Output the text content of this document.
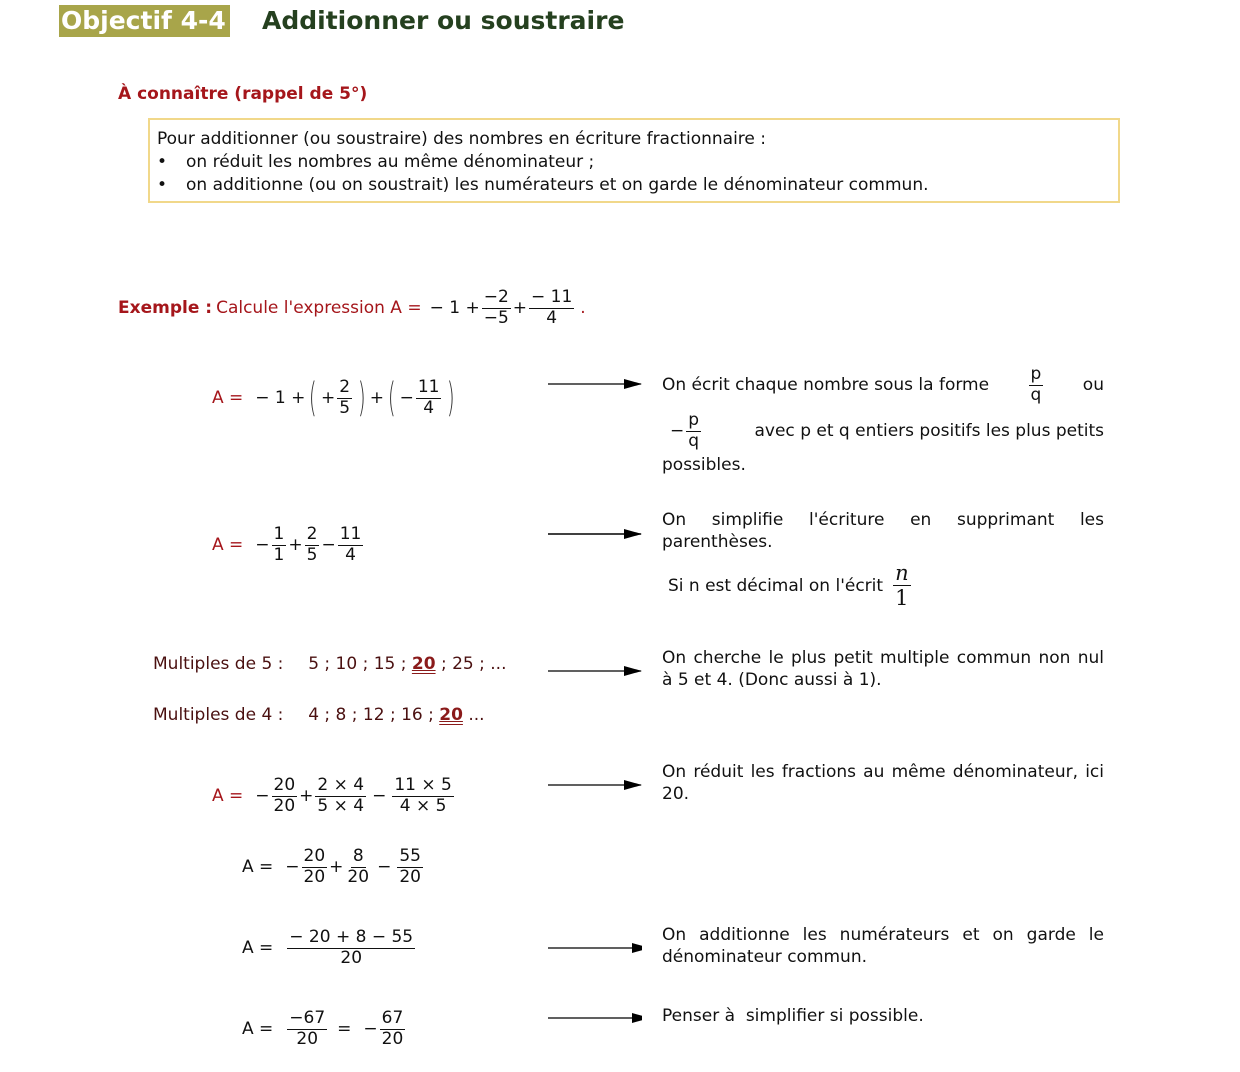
Objectif 4-4 Additionner ou soustraire
À connaître (rappel de 5°)
Pour additionner (ou soustraire) des nombres en écriture fractionnaire :
•	on réduit les nombres au même dénominateur ;
•	on additionne (ou on soustrait) les numérateurs et on garde le dénominateur commun.
Exemple : Calcule l'expression A = − $1 + \frac{-2}{-5} + \frac{- 11}{4}$ .
A = − 1 + ( + $\frac{2}{5}$ ) + ( − $\frac{11}{4}$ )	On écrit chaque nombre sous la forme $\frac{p}{q}$ ou
− $\frac{p}{q}$	avec p et q entiers positifs les plus petits
possibles.
A = − $\frac{1}{1} + \frac{2}{5} - \frac{11}{4}$
On simplifie l'écriture en supprimant les parenthèses.
Si n est décimal on l'écrit $\frac{n}{1}$
Multiples de 5 : 5 ; 10 ; 15 ; 20 ; 25 ; ...
Multiples de 4 : 4 ; 8 ; 12 ; 16 ; 20 ...
On cherche le plus petit multiple commun non nul à 5 et 4. (Donc aussi à 1).
A = − $\frac{20}{20} + \frac{2 \times 4}{5 \times 4} - \frac{11 \times 5}{4 \times 5}$
On réduit les fractions au même dénominateur, ici 20.
A = − $\frac{20}{20} + \frac{8}{20} - \frac{55}{20}$
$A = \frac{- 20 + 8 - 55}{20}$	On additionne les numérateurs et on garde le dénominateur commun.
$A = \frac{-67}{20}$ = − $\frac{67}{20}$	Penser à  simplifier si possible.
